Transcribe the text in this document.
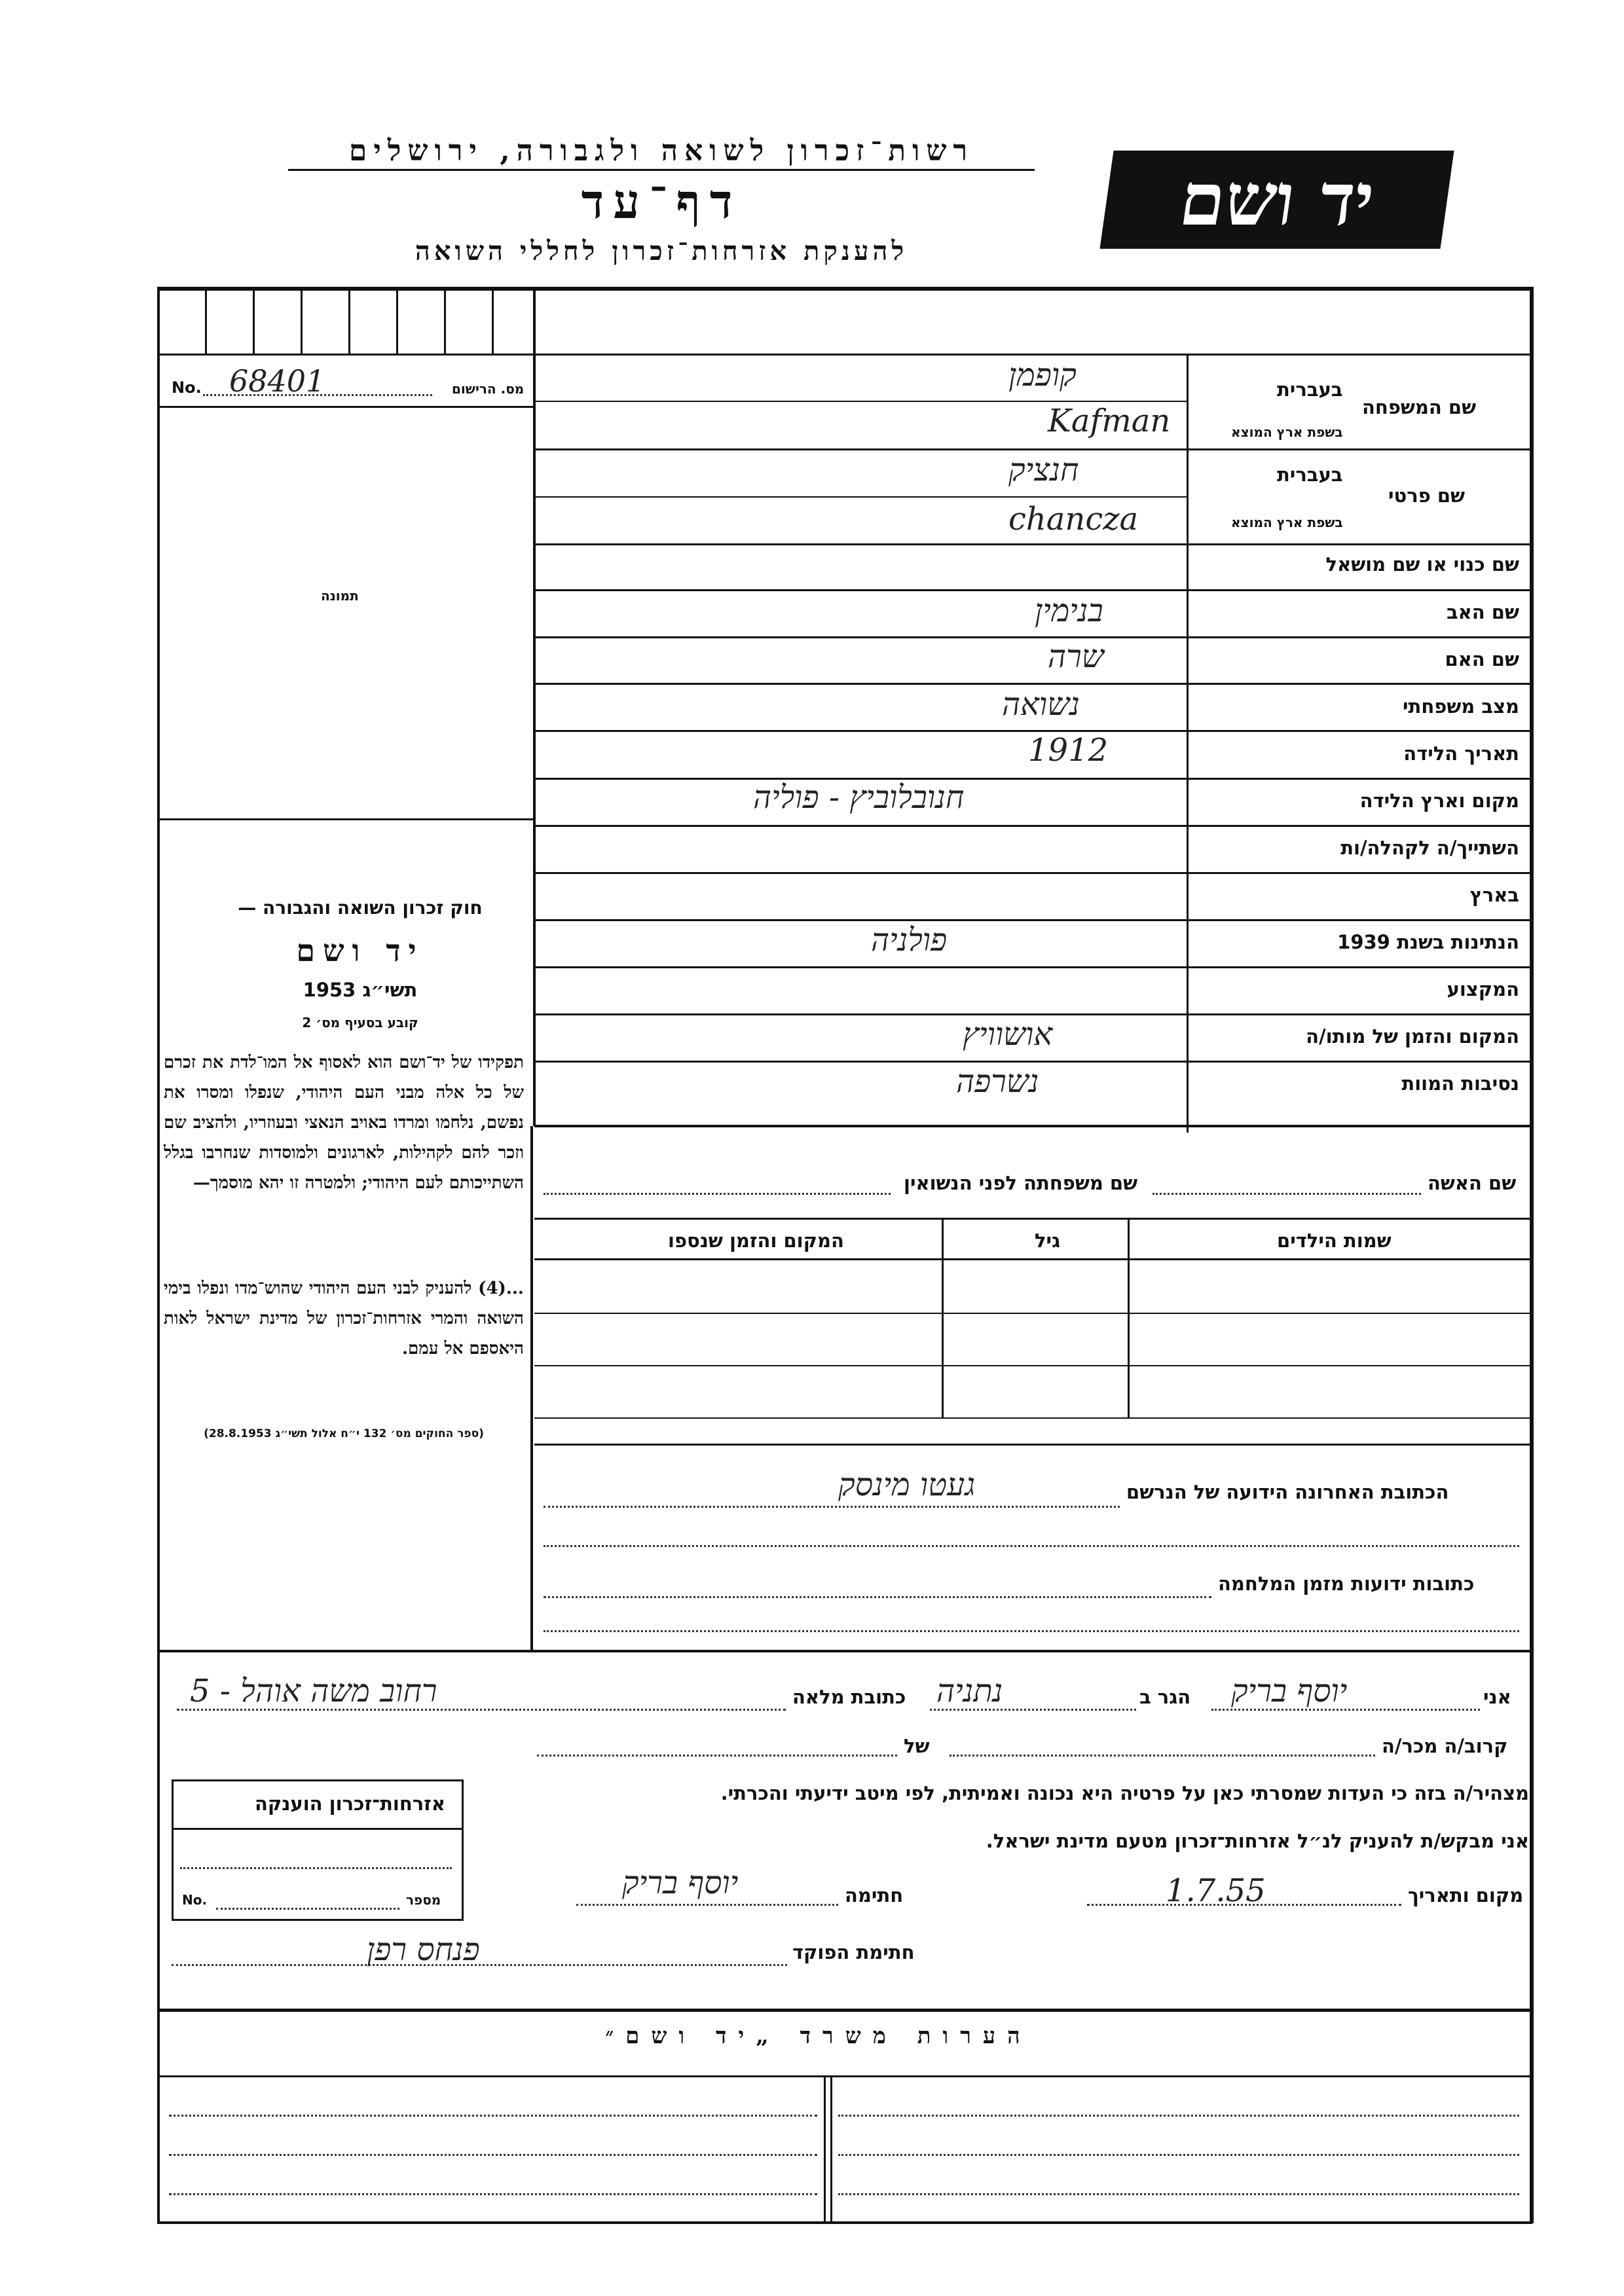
רשות־זכרון לשואה ולגבורה, ירושלים
דף־עד
להענקת אזרחות־זכרון לחללי השואה
יד ושם
No. 68401	מס. הרישום
תמונה
חוק זכרון השואה והגבורה —
יד ושם
תשי״ג 1953
קובע בסעיף מס׳ 2
תפקידו של יד־ושם הוא לאסוף אל המו־לדת את זכרם של כל אלה מבני העם היהודי, שנפלו ומסרו את נפשם, נלחמו ומרדו באויב הנאצי ובעוזריו, ולהציב שם וזכר להם לקהילות, לארגונים ולמוסדות שנחרבו בגלל השתייכותם לעם היהודי; ולמטרה זו יהא מוסמך—
...(4) להעניק לבני העם היהודי שהוש־מדו ונפלו בימי השואה והמרי אזרחות־זכרון של מדינת ישראל לאות היאספם אל עמם.
(ספר החוקים מס׳ 132 י״ח אלול תשי״ג 28.8.1953)
בעברית
שם המשפחה
בשפת ארץ המוצא
קופמן
Kafman
בעברית
שם פרטי
בשפת ארץ המוצא
חנציק
chancza
שם כנוי או שם מושאל
שם האב
בנימין
שם האם
שרה
מצב משפחתי
נשואה
תאריך הלידה
1912
מקום וארץ הלידה
חנובלוביץ - פוליה
השתייך/ה לקהלה/ות
בארץ
הנתינות בשנת 1939
פולניה
המקצוע
המקום והזמן של מותו/ה
אושוויץ
נסיבות המוות
נשרפה
שם האשה
שם משפחתה לפני הנשואין
שמות הילדים
גיל
המקום והזמן שנספו
הכתובת האחרונה הידועה של הנרשם
געטו מינסק
כתובות ידועות מזמן המלחמה
אני
יוסף בריק
הגר ב
נתניה
כתובת מלאה
רחוב משה אוהל - 5
קרוב/ה מכר/ה
של
מצהיר/ה בזה כי העדות שמסרתי כאן על פרטיה היא נכונה ואמיתית, לפי מיטב ידיעתי והכרתי.
אני מבקש/ת להעניק לנ״ל אזרחות־זכרון מטעם מדינת ישראל.
מקום ותאריך
1.7.55
חתימה
יוסף בריק
חתימת הפוקד
פנחס רפן
אזרחות־זכרון הוענקה
No.	מספר
הערות משרד „יד ושם״
